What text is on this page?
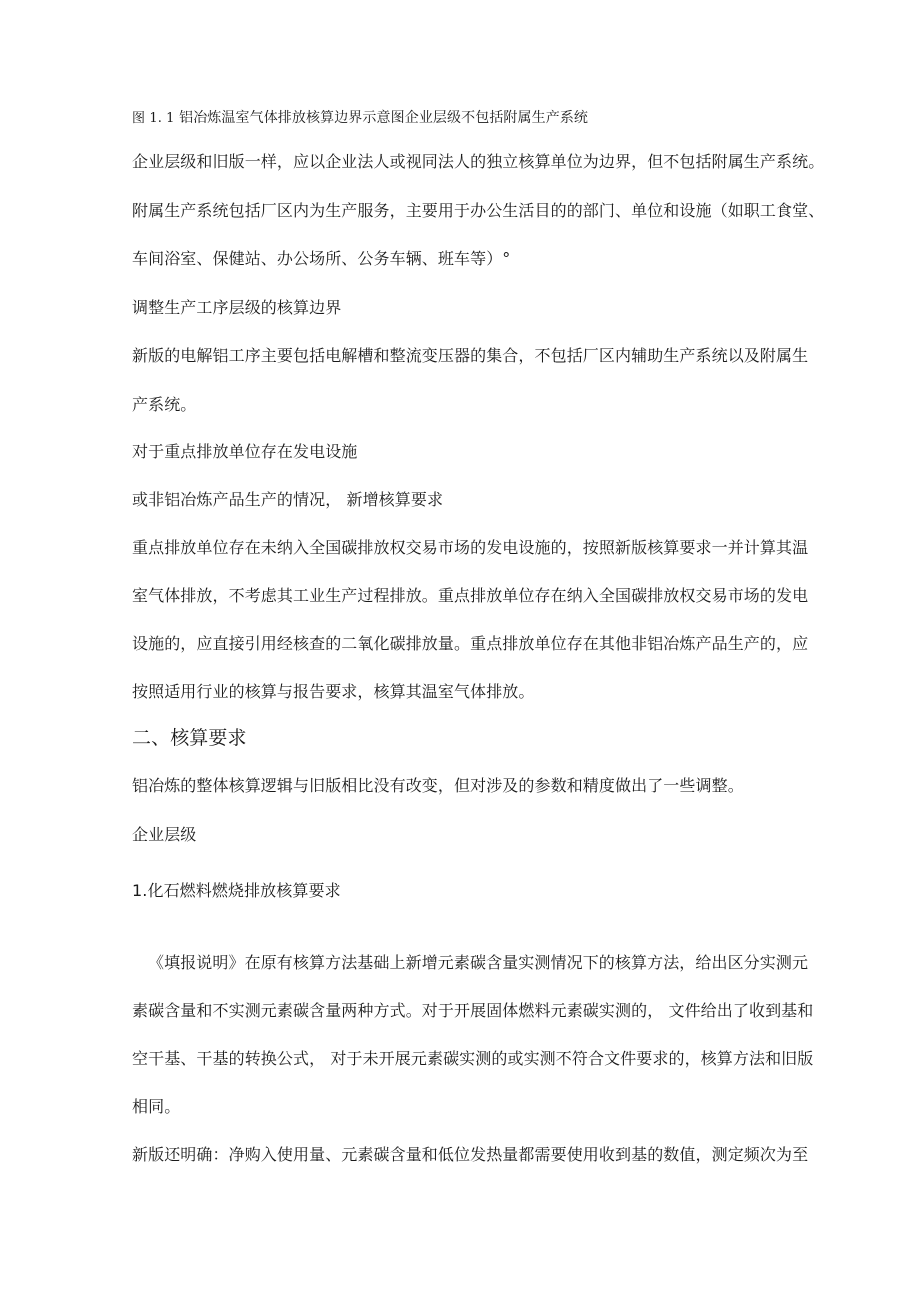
图 1. 1 铝冶炼温室气体排放核算边界示意图企业层级不包括附属生产系统
企业层级和旧版一样，应以企业法人或视同法人的独立核算单位为边界，但不包括附属生产系统。
附属生产系统包括厂区内为生产服务，主要用于办公生活目的的部门、单位和设施（如职工食堂、
车间浴室、保健站、办公场所、公务车辆、班车等）°
调整生产工序层级的核算边界
新版的电解铝工序主要包括电解槽和整流变压器的集合，不包括厂区内辅助生产系统以及附属生
产系统。
对于重点排放单位存在发电设施
或非铝冶炼产品生产的情况， 新增核算要求
重点排放单位存在未纳入全国碳排放权交易市场的发电设施的，按照新版核算要求一并计算其温
室气体排放，不考虑其工业生产过程排放。重点排放单位存在纳入全国碳排放权交易市场的发电
设施的，应直接引用经核查的二氧化碳排放量。重点排放单位存在其他非铝冶炼产品生产的，应
按照适用行业的核算与报告要求，核算其温室气体排放。
二、核算要求
铝冶炼的整体核算逻辑与旧版相比没有改变，但对涉及的参数和精度做出了一些调整。
企业层级
1.化石燃料燃烧排放核算要求
《填报说明》在原有核算方法基础上新增元素碳含量实测情况下的核算方法，给出区分实测元
素碳含量和不实测元素碳含量两种方式。对于开展固体燃料元素碳实测的， 文件给出了收到基和
空干基、干基的转换公式， 对于未开展元素碳实测的或实测不符合文件要求的，核算方法和旧版
相同。
新版还明确：净购入使用量、元素碳含量和低位发热量都需要使用收到基的数值，测定频次为至
